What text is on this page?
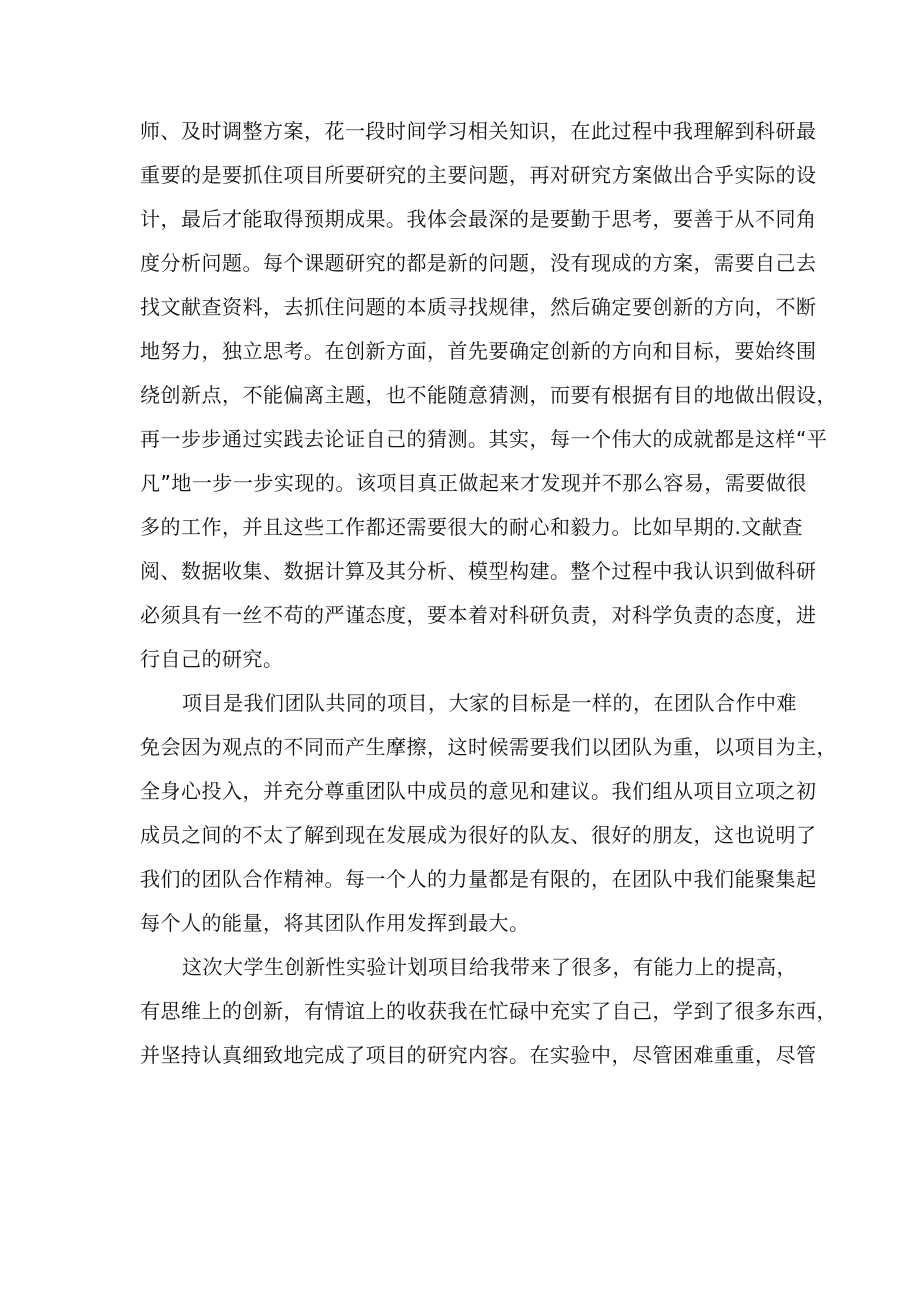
师、及时调整方案，花一段时间学习相关知识，在此过程中我理解到科研最
重要的是要抓住项目所要研究的主要问题，再对研究方案做出合乎实际的设
计，最后才能取得预期成果。我体会最深的是要勤于思考，要善于从不同角
度分析问题。每个课题研究的都是新的问题，没有现成的方案，需要自己去
找文献查资料，去抓住问题的本质寻找规律，然后确定要创新的方向，不断
地努力，独立思考。在创新方面，首先要确定创新的方向和目标，要始终围
绕创新点，不能偏离主题，也不能随意猜测，而要有根据有目的地做出假设，
再一步步通过实践去论证自己的猜测。其实，每一个伟大的成就都是这样“平
凡”地一步一步实现的。该项目真正做起来才发现并不那么容易，需要做很
多的工作，并且这些工作都还需要很大的耐心和毅力。比如早期的.文献查
阅、数据收集、数据计算及其分析、模型构建。整个过程中我认识到做科研
必须具有一丝不苟的严谨态度，要本着对科研负责，对科学负责的态度，进
行自己的研究。
项目是我们团队共同的项目，大家的目标是一样的，在团队合作中难
免会因为观点的不同而产生摩擦，这时候需要我们以团队为重，以项目为主，
全身心投入，并充分尊重团队中成员的意见和建议。我们组从项目立项之初
成员之间的不太了解到现在发展成为很好的队友、很好的朋友，这也说明了
我们的团队合作精神。每一个人的力量都是有限的，在团队中我们能聚集起
每个人的能量，将其团队作用发挥到最大。
这次大学生创新性实验计划项目给我带来了很多，有能力上的提高，
有思维上的创新，有情谊上的收获我在忙碌中充实了自己，学到了很多东西，
并坚持认真细致地完成了项目的研究内容。在实验中，尽管困难重重，尽管
